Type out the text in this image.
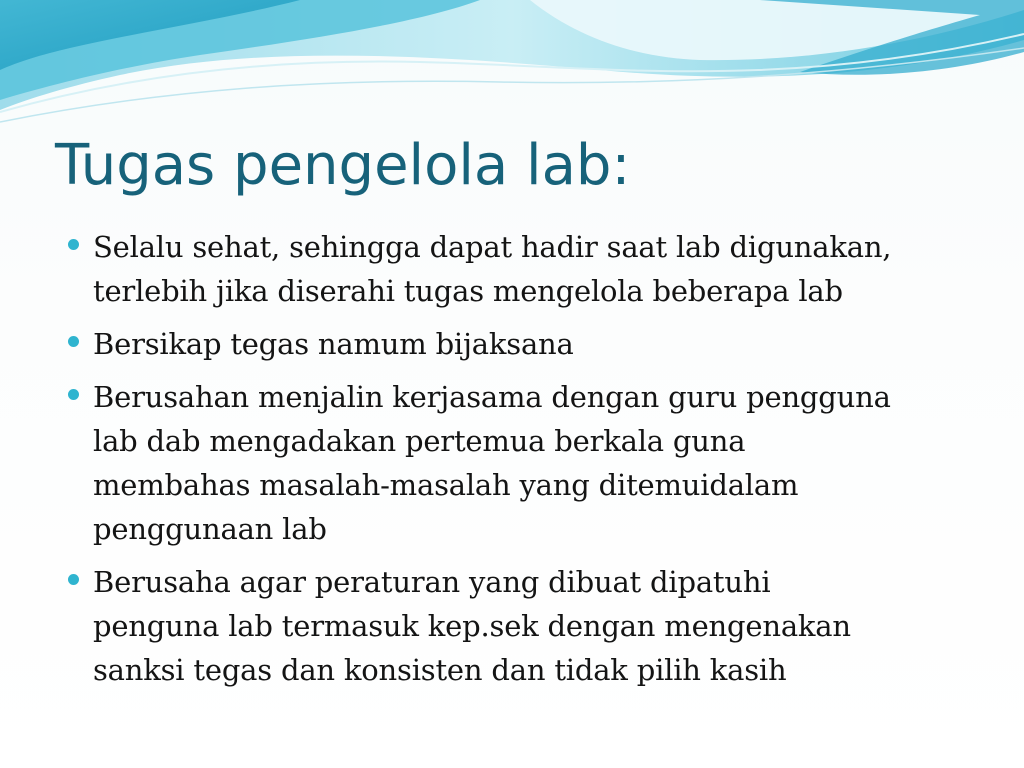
Tugas pengelola lab:
Selalu sehat, sehingga dapat hadir saat lab digunakan,
terlebih jika diserahi tugas mengelola beberapa lab
Bersikap tegas namum bijaksana
Berusahan menjalin kerjasama dengan guru pengguna
lab dab mengadakan pertemua berkala guna
membahas masalah-masalah yang ditemuidalam
penggunaan lab
Berusaha agar peraturan yang dibuat dipatuhi
penguna lab termasuk kep.sek dengan mengenakan
sanksi tegas dan konsisten dan tidak pilih kasih
